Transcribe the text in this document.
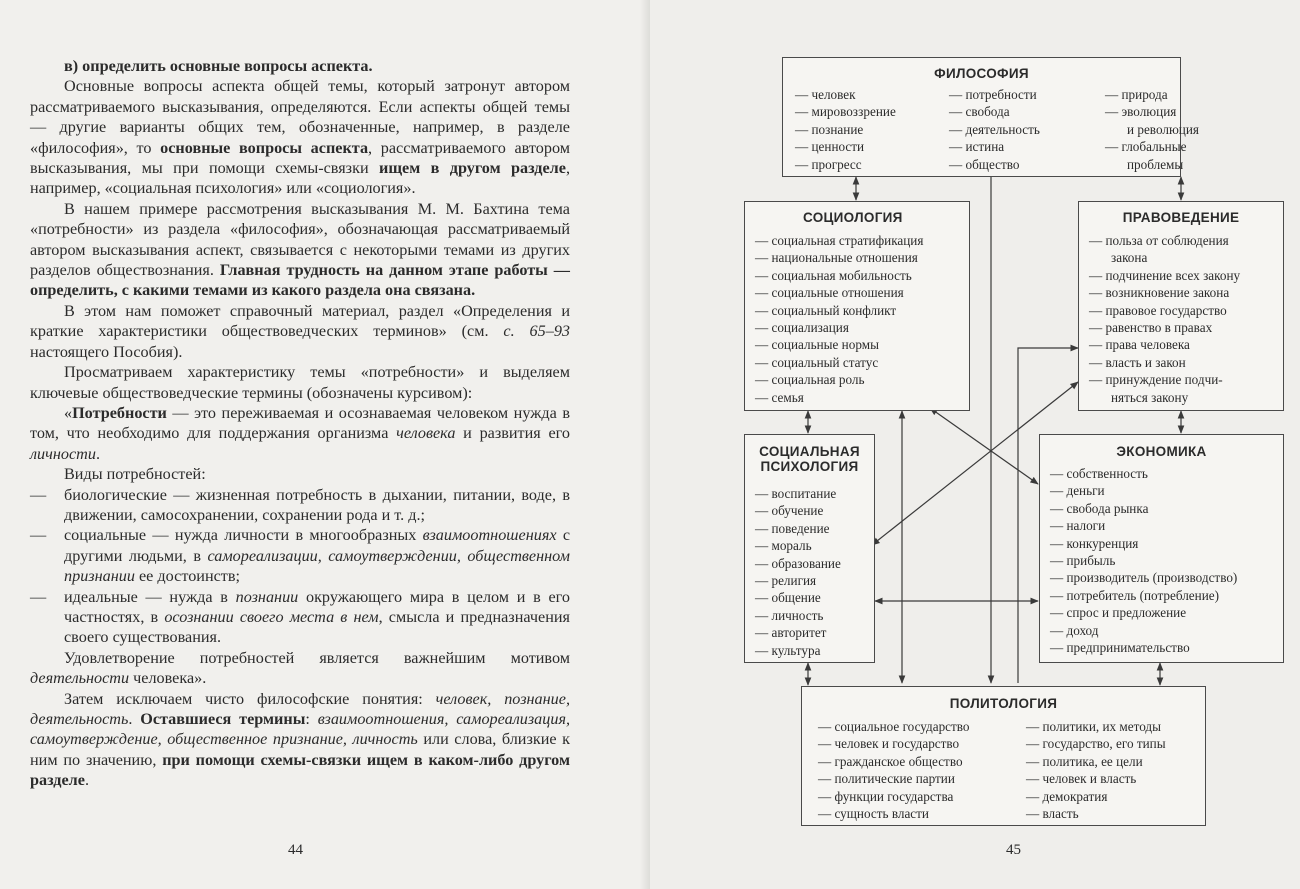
в) определить основные вопросы аспекта.

Основные вопросы аспекта общей темы, который затронут автором рассматриваемого высказывания, определяются. Если аспекты общей темы — другие варианты общих тем, обозначенные, например, в разделе «философия», то основные вопросы аспекта, рассматриваемого автором высказывания, мы при помощи схемы-связки ищем в другом разделе, например, «социальная психология» или «социология».

В нашем примере рассмотрения высказывания М. М. Бахтина тема «потребности» из раздела «философия», обозначающая рассматриваемый автором высказывания аспект, связывается с некоторыми темами из других разделов обществознания. Главная трудность на данном этапе работы — определить, с какими темами из какого раздела она связана.

В этом нам поможет справочный материал, раздел «Определения и краткие характеристики обществоведческих терминов» (см. с. 65–93 настоящего Пособия).

Просматриваем характеристику темы «потребности» и выделяем ключевые обществоведческие термины (обозначены курсивом):

«Потребности — это переживаемая и осознаваемая человеком нужда в том, что необходимо для поддержания организма человека и развития его личности.

Виды потребностей:

— биологические — жизненная потребность в дыхании, питании, воде, в движении, самосохранении, сохранении рода и т. д.;

— социальные — нужда личности в многообразных взаимоотношениях с другими людьми, в самореализации, самоутверждении, общественном признании ее достоинств;

— идеальные — нужда в познании окружающего мира в целом и в его частностях, в осознании своего места в нем, смысла и предназначения своего существования.

Удовлетворение потребностей является важнейшим мотивом деятельности человека».

Затем исключаем чисто философские понятия: человек, познание, деятельность. Оставшиеся термины: взаимоотношения, самореализация, самоутверждение, общественное признание, личность или слова, близкие к ним по значению, при помощи схемы-связки ищем в каком-либо другом разделе.

44
ФИЛОСОФИЯ
— человек
— мировоззрение
— познание
— ценности
— прогресс
— потребности
— свобода
— деятельность
— истина
— общество
— природа
— эволюция
и революция
— глобальные
проблемы
СОЦИОЛОГИЯ
— социальная стратификация
— национальные отношения
— социальная мобильность
— социальные отношения
— социальный конфликт
— социализация
— социальные нормы
— социальный статус
— социальная роль
— семья
ПРАВОВЕДЕНИЕ
— польза от соблюдения
закона
— подчинение всех закону
— возникновение закона
— правовое государство
— равенство в правах
— права человека
— власть и закон
— принуждение подчи-
няться закону
СОЦИАЛЬНАЯ
ПСИХОЛОГИЯ
— воспитание
— обучение
— поведение
— мораль
— образование
— религия
— общение
— личность
— авторитет
— культура
ЭКОНОМИКА
— собственность
— деньги
— свобода рынка
— налоги
— конкуренция
— прибыль
— производитель (производство)
— потребитель (потребление)
— спрос и предложение
— доход
— предпринимательство
ПОЛИТОЛОГИЯ
— социальное государство
— человек и государство
— гражданское общество
— политические партии
— функции государства
— сущность власти
— политики, их методы
— государство, его типы
— политика, ее цели
— человек и власть
— демократия
— власть
45
